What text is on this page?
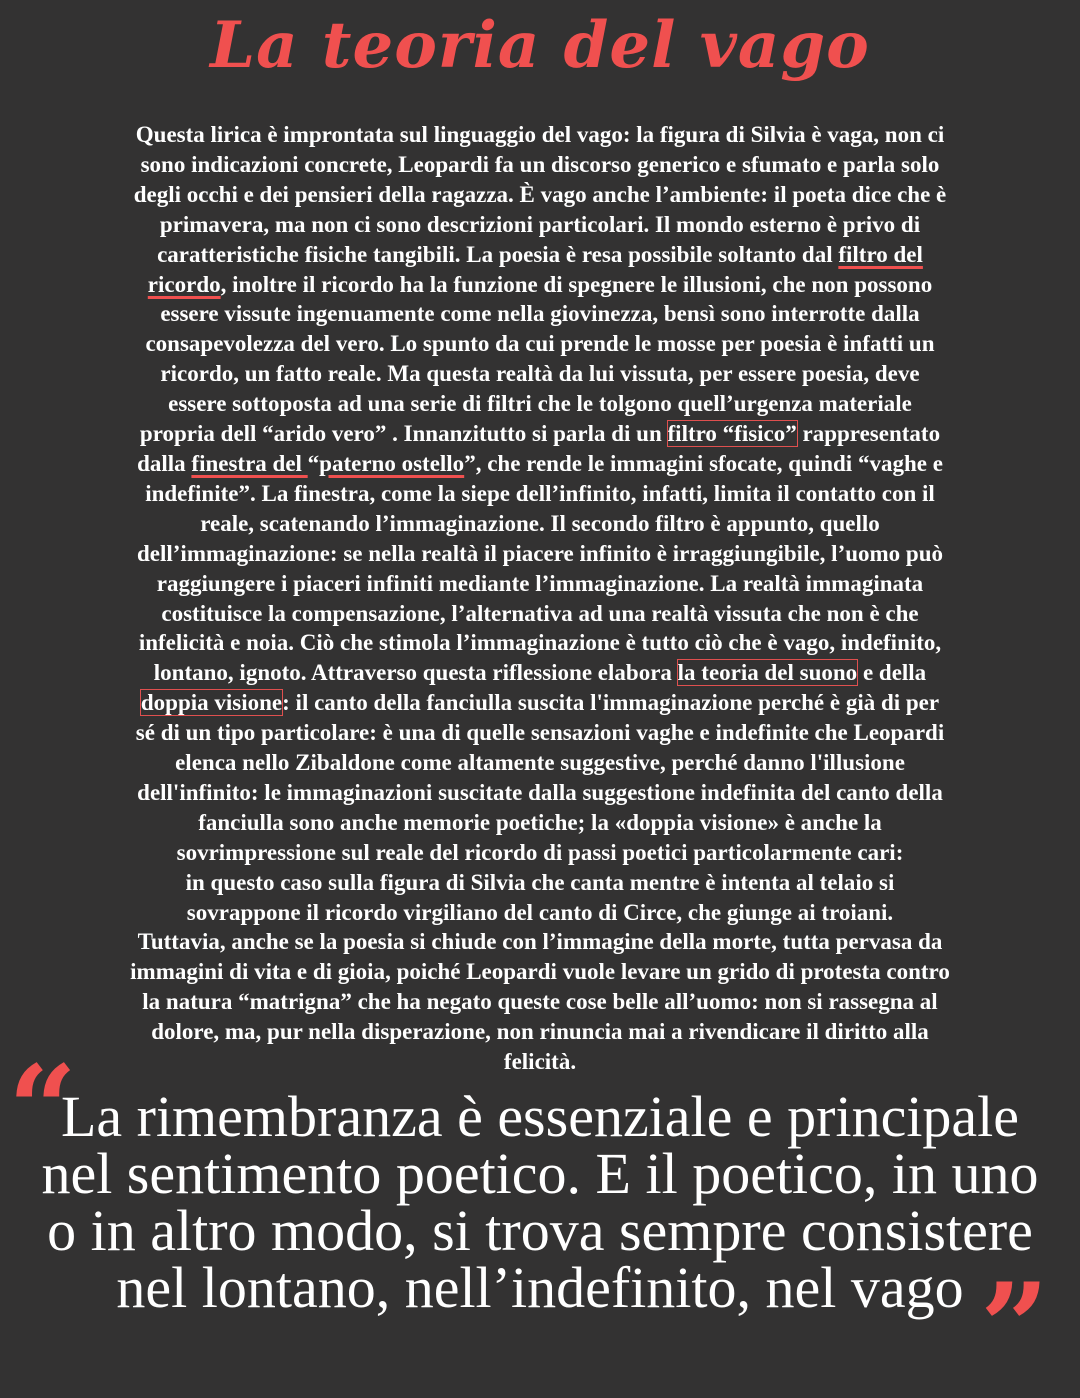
La teoria del vago
Questa lirica è improntata sul linguaggio del vago: la figura di Silvia è vaga, non ci
sono indicazioni concrete, Leopardi fa un discorso generico e sfumato e parla solo
degli occhi e dei pensieri della ragazza. È vago anche l’ambiente: il poeta dice che è
primavera, ma non ci sono descrizioni particolari. Il mondo esterno è privo di
caratteristiche fisiche tangibili. La poesia è resa possibile soltanto dal filtro del
ricordo, inoltre il ricordo ha la funzione di spegnere le illusioni, che non possono
essere vissute ingenuamente come nella giovinezza, bensì sono interrotte dalla
consapevolezza del vero. Lo spunto da cui prende le mosse per poesia è infatti un
ricordo, un fatto reale. Ma questa realtà da lui vissuta, per essere poesia, deve
essere sottoposta ad una serie di filtri che le tolgono quell’urgenza materiale
propria dell “arido vero” . Innanzitutto si parla di un filtro “fisico” rappresentato
dalla finestra del “paterno ostello”, che rende le immagini sfocate, quindi “vaghe e
indefinite”. La finestra, come la siepe dell’infinito, infatti, limita il contatto con il
reale, scatenando l’immaginazione. Il secondo filtro è appunto, quello
dell’immaginazione: se nella realtà il piacere infinito è irraggiungibile, l’uomo può
raggiungere i piaceri infiniti mediante l’immaginazione. La realtà immaginata
costituisce la compensazione, l’alternativa ad una realtà vissuta che non è che
infelicità e noia. Ciò che stimola l’immaginazione è tutto ciò che è vago, indefinito,
lontano, ignoto. Attraverso questa riflessione elabora la teoria del suono e della
doppia visione: il canto della fanciulla suscita l'immaginazione perché è già di per
sé di un tipo particolare: è una di quelle sensazioni vaghe e indefinite che Leopardi
elenca nello Zibaldone come altamente suggestive, perché danno l'illusione
dell'infinito: le immaginazioni suscitate dalla suggestione indefinita del canto della
fanciulla sono anche memorie poetiche; la «doppia visione» è anche la
sovrimpressione sul reale del ricordo di passi poetici particolarmente cari:
in questo caso sulla figura di Silvia che canta mentre è intenta al telaio si
sovrappone il ricordo virgiliano del canto di Circe, che giunge ai troiani.
Tuttavia, anche se la poesia si chiude con l’immagine della morte, tutta pervasa da
immagini di vita e di gioia, poiché Leopardi vuole levare un grido di protesta contro
la natura “matrigna” che ha negato queste cose belle all’uomo: non si rassegna al
dolore, ma, pur nella disperazione, non rinuncia mai a rivendicare il diritto alla
felicità.
“
La rimembranza è essenziale e principale
nel sentimento poetico. E il poetico, in uno
o in altro modo, si trova sempre consistere
nel lontano, nell’indefinito, nel vago ”
